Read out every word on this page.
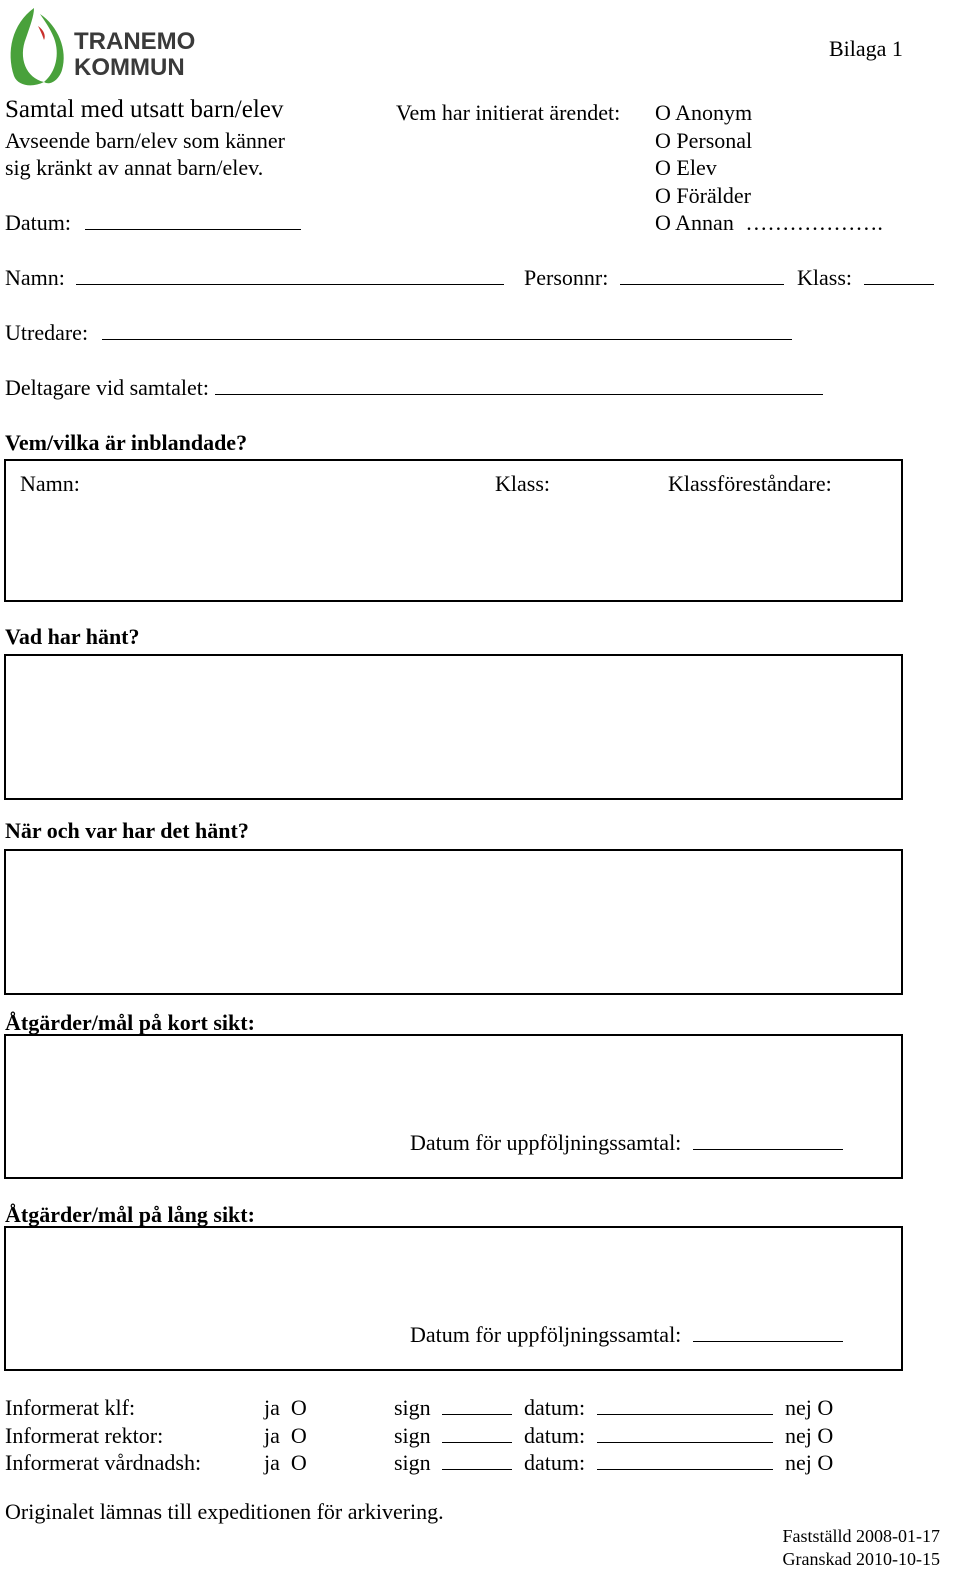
TRANEMO
KOMMUN
Bilaga 1
Samtal med utsatt barn/elev
Avseende barn/elev som känner
sig kränkt av annat barn/elev.
Datum:
Vem har initierat ärendet: O Anonym
O Personal
O Elev
O Förälder
O Annan ……………….
Namn:	Personnr:	Klass:
Utredare:
Deltagare vid samtalet:
Vem/vilka är inblandade?
Namn:	Klass:	Klassföreståndare:
Vad har hänt?
När och var har det hänt?
Åtgärder/mål på kort sikt:
Datum för uppföljningssamtal:
Åtgärder/mål på lång sikt:
Datum för uppföljningssamtal:
Informerat klf:	ja  O	sign	datum:	nej O
Informerat rektor:	ja  O	sign	datum:	nej O
Informerat vårdnadsh:	ja  O	sign	datum:	nej O
Originalet lämnas till expeditionen för arkivering.
Fastställd 2008-01-17
Granskad 2010-10-15
